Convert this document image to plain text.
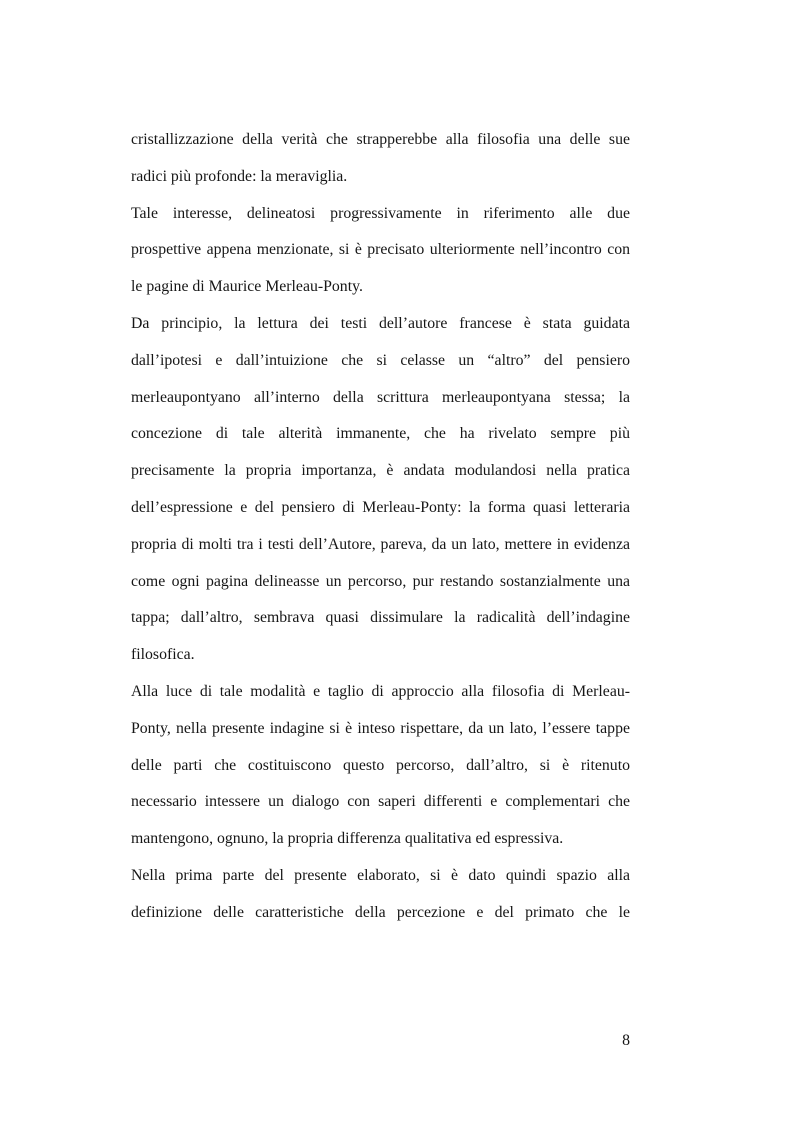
cristallizzazione della verità che strapperebbe alla filosofia una delle sue
radici più profonde: la meraviglia.
Tale interesse, delineatosi progressivamente in riferimento alle due
prospettive appena menzionate, si è precisato ulteriormente nell’incontro con
le pagine di Maurice Merleau-Ponty.
Da principio, la lettura dei testi dell’autore francese è stata guidata
dall’ipotesi e dall’intuizione che si celasse un “altro” del pensiero
merleaupontyano all’interno della scrittura merleaupontyana stessa; la
concezione di tale alterità immanente, che ha rivelato sempre più
precisamente la propria importanza, è andata modulandosi nella pratica
dell’espressione e del pensiero di Merleau-Ponty: la forma quasi letteraria
propria di molti tra i testi dell’Autore, pareva, da un lato, mettere in evidenza
come ogni pagina delineasse un percorso, pur restando sostanzialmente una
tappa; dall’altro, sembrava quasi dissimulare la radicalità dell’indagine
filosofica.
Alla luce di tale modalità e taglio di approccio alla filosofia di Merleau-
Ponty, nella presente indagine si è inteso rispettare, da un lato, l’essere tappe
delle parti che costituiscono questo percorso, dall’altro, si è ritenuto
necessario intessere un dialogo con saperi differenti e complementari che
mantengono, ognuno, la propria differenza qualitativa ed espressiva.
Nella prima parte del presente elaborato, si è dato quindi spazio alla
definizione delle caratteristiche della percezione e del primato che le
8
